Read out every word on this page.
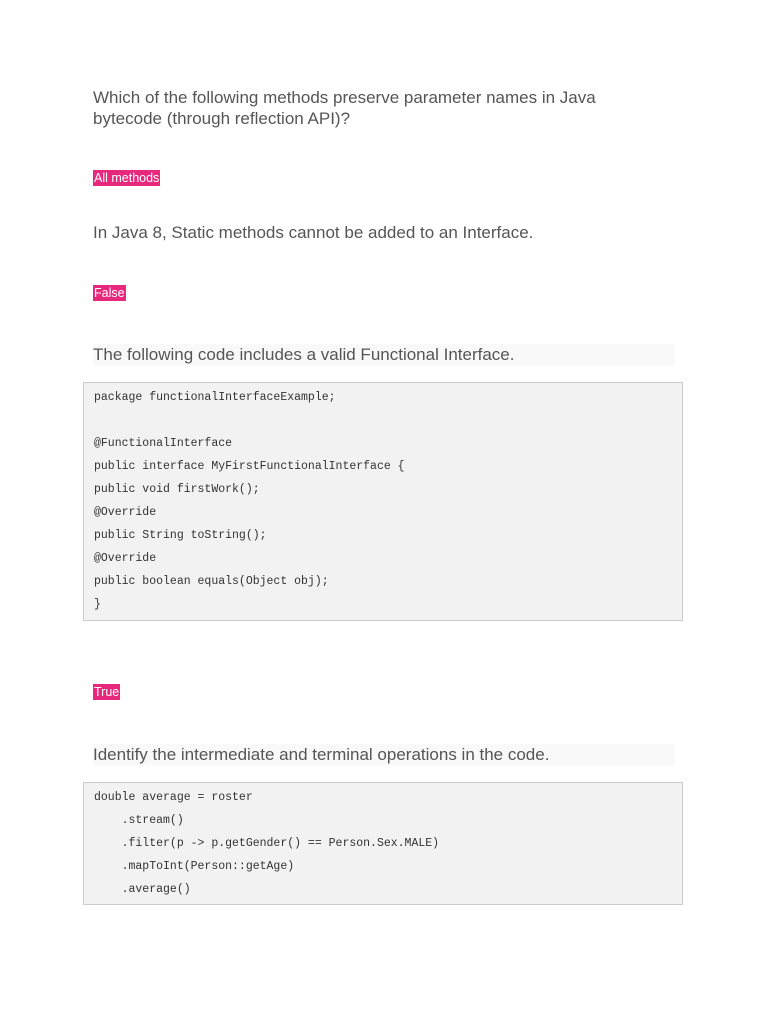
Which of the following methods preserve parameter names in Java bytecode (through reflection API)?

All methods

In Java 8, Static methods cannot be added to an Interface.

False

The following code includes a valid Functional Interface.

package functionalInterfaceExample;
@FunctionalInterface
public interface MyFirstFunctionalInterface {
public void firstWork();
@Override
public String toString();
@Override
public boolean equals(Object obj);
}
True

Identify the intermediate and terminal operations in the code.

double average = roster
.stream()
.filter(p -> p.getGender() == Person.Sex.MALE)
.mapToInt(Person::getAge)
.average()
